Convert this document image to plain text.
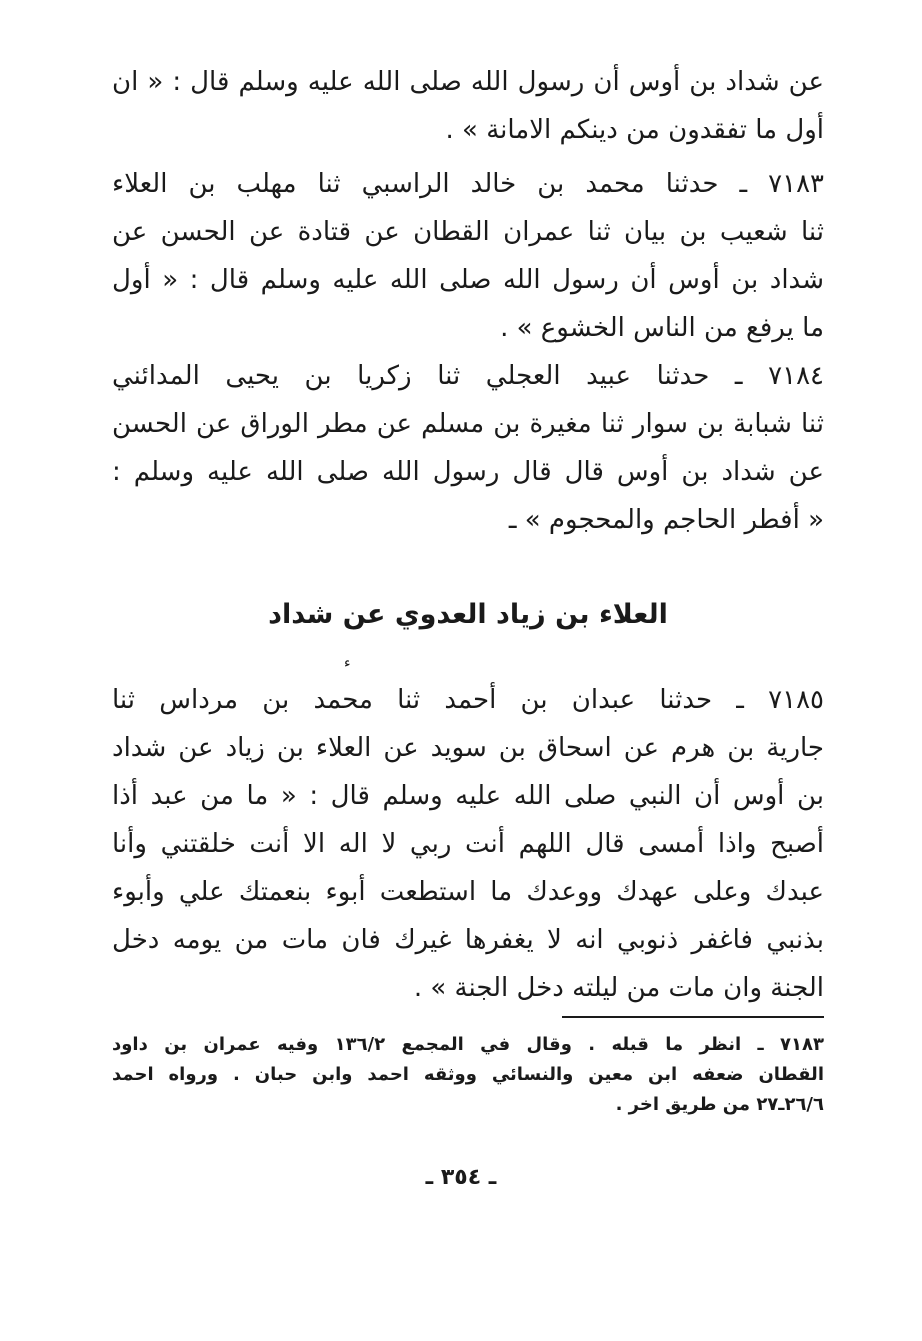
عن شداد بن أوس أن رسول الله صلى الله عليه وسلم قال : « ان
أول ما تفقدون من دينكم الامانة » .
٧١٨٣ ـ حدثنا محمد بن خالد الراسبي ثنا مهلب بن العلاء
ثنا شعيب بن بيان ثنا عمران القطان عن قتادة عن الحسن عن
شداد بن أوس أن رسول الله صلى الله عليه وسلم قال : « أول
ما يرفع من الناس الخشوع » .
٧١٨٤ ـ حدثنا عبيد العجلي ثنا زكريا بن يحيى المدائني
ثنا شبابة بن سوار ثنا مغيرة بن مسلم عن مطر الوراق عن الحسن
عن شداد بن أوس قال قال رسول الله صلى الله عليه وسلم :
« أفطر الحاجم والمحجوم » ـ
العلاء بن زياد العدوي عن شداد
ء
٧١٨٥ ـ حدثنا عبدان بن أحمد ثنا محمد بن مرداس ثنا
جارية بن هرم عن اسحاق بن سويد عن العلاء بن زياد عن شداد
بن أوس أن النبي صلى الله عليه وسلم قال : « ما من عبد أذا
أصبح واذا أمسى قال اللهم أنت ربي لا اله الا أنت خلقتني وأنا
عبدك وعلى عهدك ووعدك ما استطعت أبوء بنعمتك علي وأبوء
بذنبي فاغفر ذنوبي انه لا يغفرها غيرك فان مات من يومه دخل
الجنة وان مات من ليلته دخل الجنة » .
٧١٨٣ ـ انظر ما قبله . وقال في المجمع ١٣٦/٢ وفيه عمران بن داود
القطان ضعفه ابن معين والنسائي ووثقه احمد وابن حبان . ورواه احمد
٢٦/٦ـ٢٧ من طريق اخر .
ـ ٣٥٤ ـ
